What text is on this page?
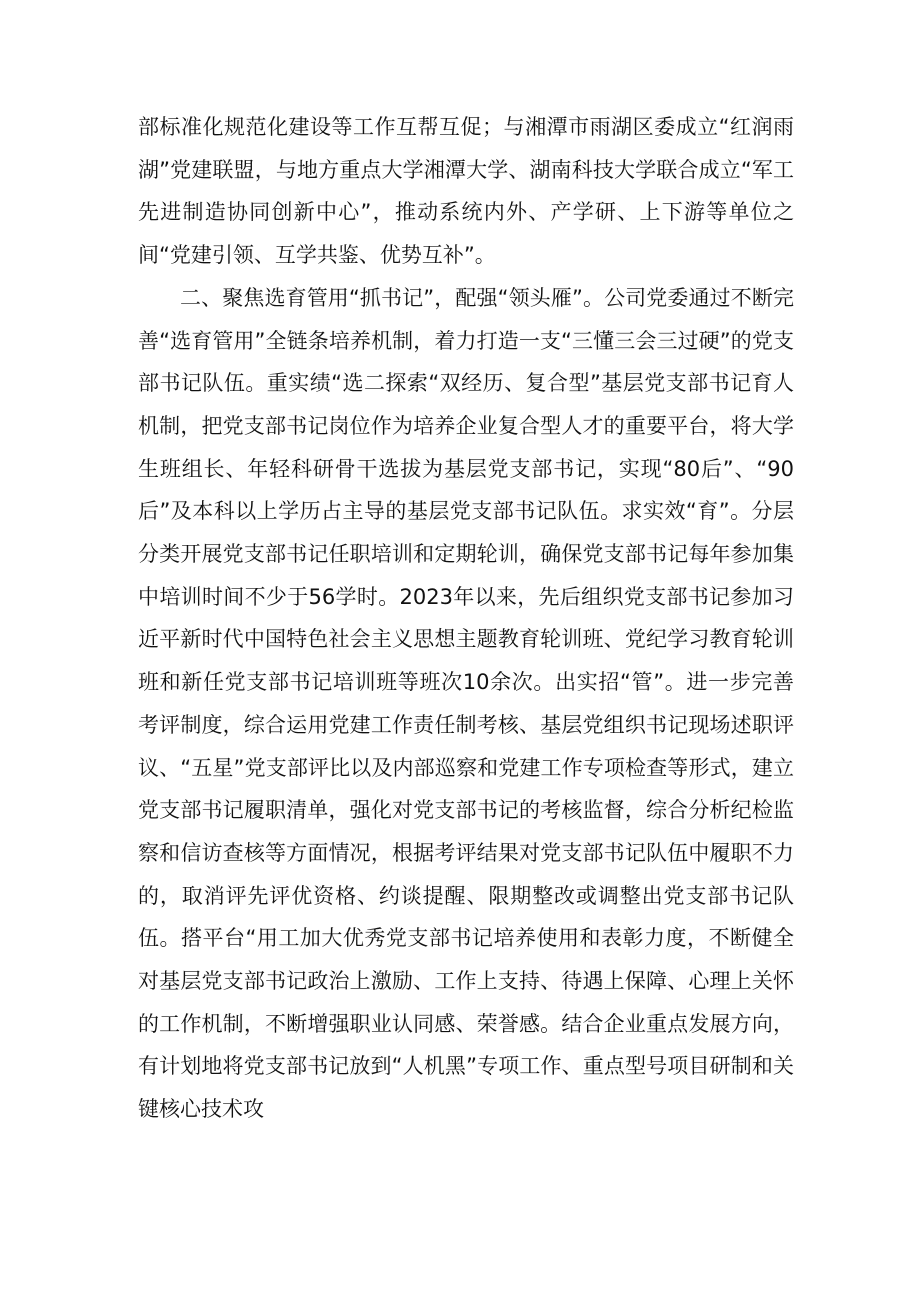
部标准化规范化建设等工作互帮互促；与湘潭市雨湖区委成立“红润雨湖”党建联盟，与地方重点大学湘潭大学、湖南科技大学联合成立“军工先进制造协同创新中心”，推动系统内外、产学研、上下游等单位之间“党建引领、互学共鉴、优势互补”。

二、聚焦选育管用“抓书记”，配强“领头雁”。公司党委通过不断完善“选育管用”全链条培养机制，着力打造一支“三懂三会三过硬”的党支部书记队伍。重实绩“选二探索“双经历、复合型”基层党支部书记育人机制，把党支部书记岗位作为培养企业复合型人才的重要平台，将大学生班组长、年轻科研骨干选拔为基层党支部书记，实现“80后”、“90后”及本科以上学历占主导的基层党支部书记队伍。求实效“育”。分层分类开展党支部书记任职培训和定期轮训，确保党支部书记每年参加集中培训时间不少于56学时。2023年以来，先后组织党支部书记参加习近平新时代中国特色社会主义思想主题教育轮训班、党纪学习教育轮训班和新任党支部书记培训班等班次10余次。出实招“管”。进一步完善考评制度，综合运用党建工作责任制考核、基层党组织书记现场述职评议、“五星”党支部评比以及内部巡察和党建工作专项检查等形式，建立党支部书记履职清单，强化对党支部书记的考核监督，综合分析纪检监察和信访查核等方面情况，根据考评结果对党支部书记队伍中履职不力的，取消评先评优资格、约谈提醒、限期整改或调整出党支部书记队伍。搭平台“用工加大优秀党支部书记培养使用和表彰力度，不断健全对基层党支部书记政治上激励、工作上支持、待遇上保障、心理上关怀的工作机制，不断增强职业认同感、荣誉感。结合企业重点发展方向，有计划地将党支部书记放到“人机黑”专项工作、重点型号项目研制和关键核心技术攻
